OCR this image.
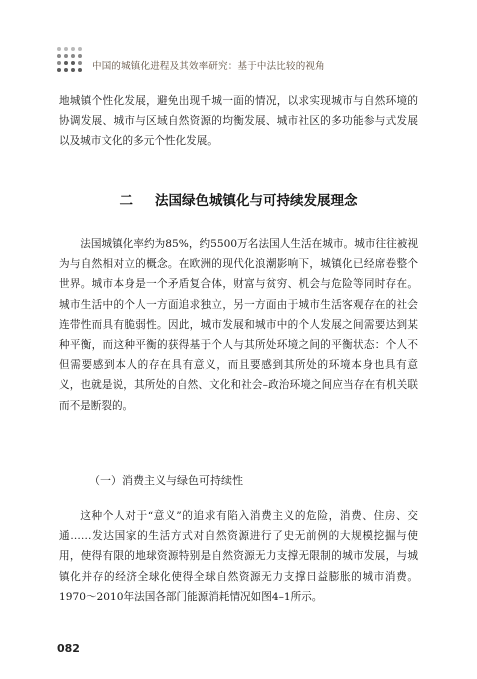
中国的城镇化进程及其效率研究：基于中法比较的视角

地城镇个性化发展，避免出现千城一面的情况，以求实现城市与自然环境的协调发展、城市与区域自然资源的均衡发展、城市社区的多功能参与式发展以及城市文化的多元个性化发展。

二 法国绿色城镇化与可持续发展理念

法国城镇化率约为85%，约5500万名法国人生活在城市。城市往往被视为与自然相对立的概念。在欧洲的现代化浪潮影响下，城镇化已经席卷整个世界。城市本身是一个矛盾复合体，财富与贫穷、机会与危险等同时存在。城市生活中的个人一方面追求独立，另一方面由于城市生活客观存在的社会连带性而具有脆弱性。因此，城市发展和城市中的个人发展之间需要达到某种平衡，而这种平衡的获得基于个人与其所处环境之间的平衡状态：个人不但需要感到本人的存在具有意义，而且要感到其所处的环境本身也具有意义，也就是说，其所处的自然、文化和社会–政治环境之间应当存在有机关联而不是断裂的。

（一）消费主义与绿色可持续性

这种个人对于“意义”的追求有陷入消费主义的危险，消费、住房、交通……发达国家的生活方式对自然资源进行了史无前例的大规模挖掘与使用，使得有限的地球资源特别是自然资源无力支撑无限制的城市发展，与城镇化并存的经济全球化使得全球自然资源无力支撑日益膨胀的城市消费。1970～2010年法国各部门能源消耗情况如图4–1所示。

082
